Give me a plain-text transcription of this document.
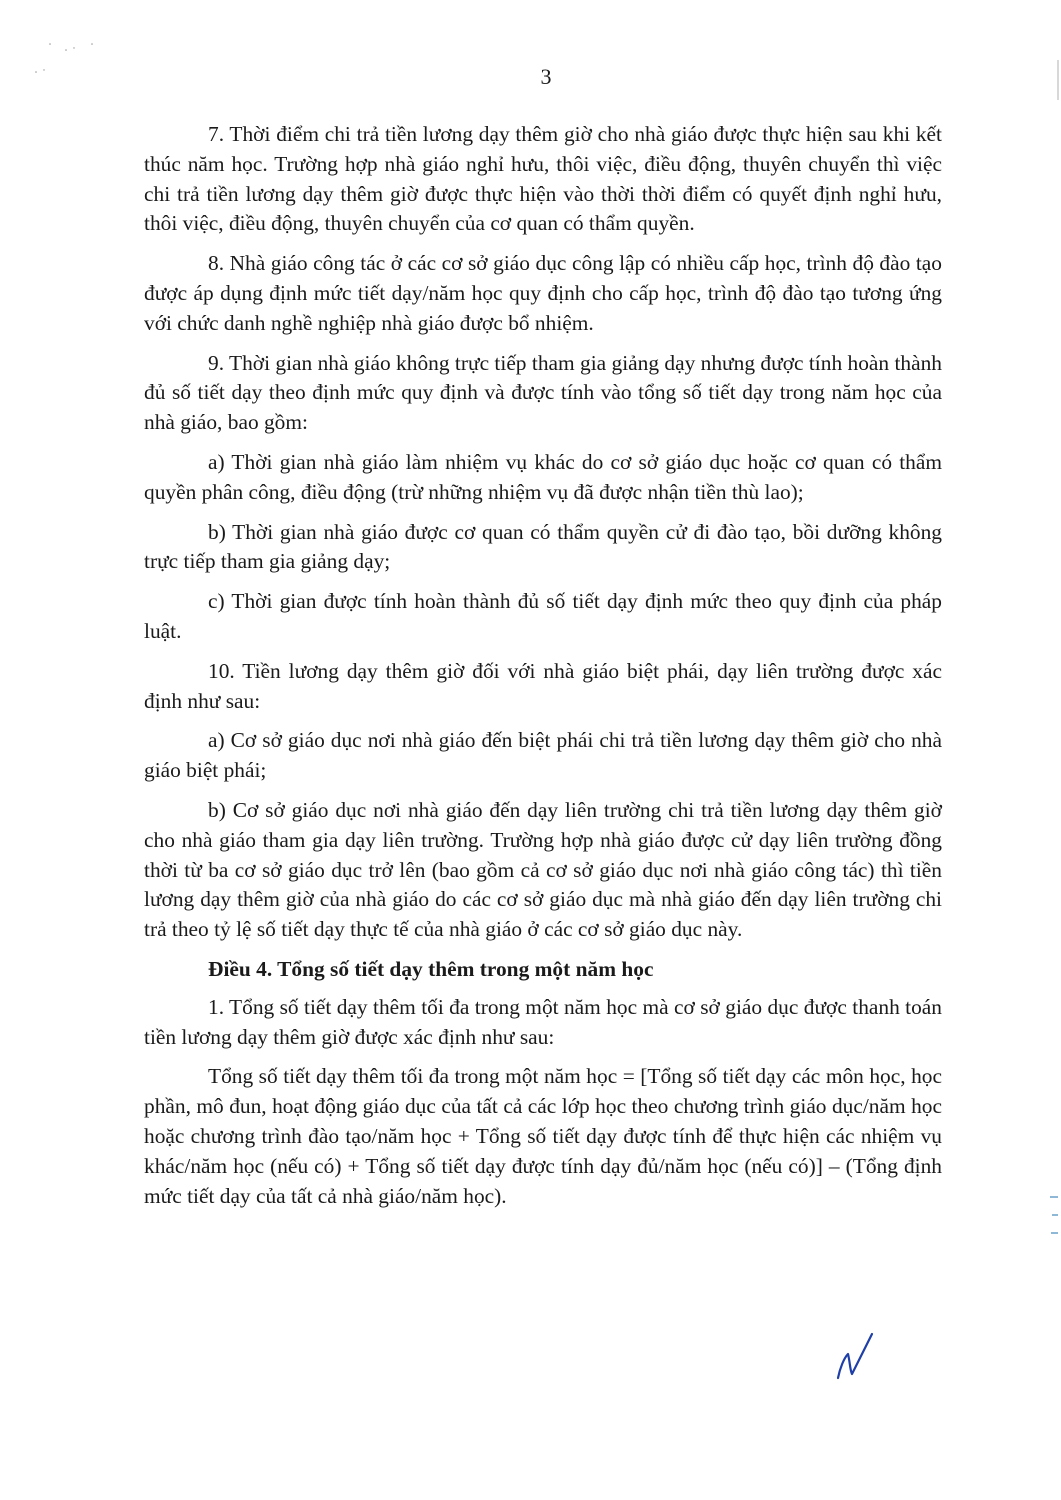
3

7. Thời điểm chi trả tiền lương dạy thêm giờ cho nhà giáo được thực hiện sau khi kết thúc năm học. Trường hợp nhà giáo nghỉ hưu, thôi việc, điều động, thuyên chuyển thì việc chi trả tiền lương dạy thêm giờ được thực hiện vào thời thời điểm có quyết định nghỉ hưu, thôi việc, điều động, thuyên chuyển của cơ quan có thẩm quyền.

8. Nhà giáo công tác ở các cơ sở giáo dục công lập có nhiều cấp học, trình độ đào tạo được áp dụng định mức tiết dạy/năm học quy định cho cấp học, trình độ đào tạo tương ứng với chức danh nghề nghiệp nhà giáo được bổ nhiệm.

9. Thời gian nhà giáo không trực tiếp tham gia giảng dạy nhưng được tính hoàn thành đủ số tiết dạy theo định mức quy định và được tính vào tổng số tiết dạy trong năm học của nhà giáo, bao gồm:

a) Thời gian nhà giáo làm nhiệm vụ khác do cơ sở giáo dục hoặc cơ quan có thẩm quyền phân công, điều động (trừ những nhiệm vụ đã được nhận tiền thù lao);

b) Thời gian nhà giáo được cơ quan có thẩm quyền cử đi đào tạo, bồi dưỡng không trực tiếp tham gia giảng dạy;

c) Thời gian được tính hoàn thành đủ số tiết dạy định mức theo quy định của pháp luật.

10. Tiền lương dạy thêm giờ đối với nhà giáo biệt phái, dạy liên trường được xác định như sau:

a) Cơ sở giáo dục nơi nhà giáo đến biệt phái chi trả tiền lương dạy thêm giờ cho nhà giáo biệt phái;

b) Cơ sở giáo dục nơi nhà giáo đến dạy liên trường chi trả tiền lương dạy thêm giờ cho nhà giáo tham gia dạy liên trường. Trường hợp nhà giáo được cử dạy liên trường đồng thời từ ba cơ sở giáo dục trở lên (bao gồm cả cơ sở giáo dục nơi nhà giáo công tác) thì tiền lương dạy thêm giờ của nhà giáo do các cơ sở giáo dục mà nhà giáo đến dạy liên trường chi trả theo tỷ lệ số tiết dạy thực tế của nhà giáo ở các cơ sở giáo dục này.

Điều 4. Tổng số tiết dạy thêm trong một năm học

1. Tổng số tiết dạy thêm tối đa trong một năm học mà cơ sở giáo dục được thanh toán tiền lương dạy thêm giờ được xác định như sau:

Tổng số tiết dạy thêm tối đa trong một năm học = [Tổng số tiết dạy các môn học, học phần, mô đun, hoạt động giáo dục của tất cả các lớp học theo chương trình giáo dục/năm học hoặc chương trình đào tạo/năm học + Tổng số tiết dạy được tính để thực hiện các nhiệm vụ khác/năm học (nếu có) + Tổng số tiết dạy được tính dạy đủ/năm học (nếu có)] – (Tổng định mức tiết dạy của tất cả nhà giáo/năm học).
